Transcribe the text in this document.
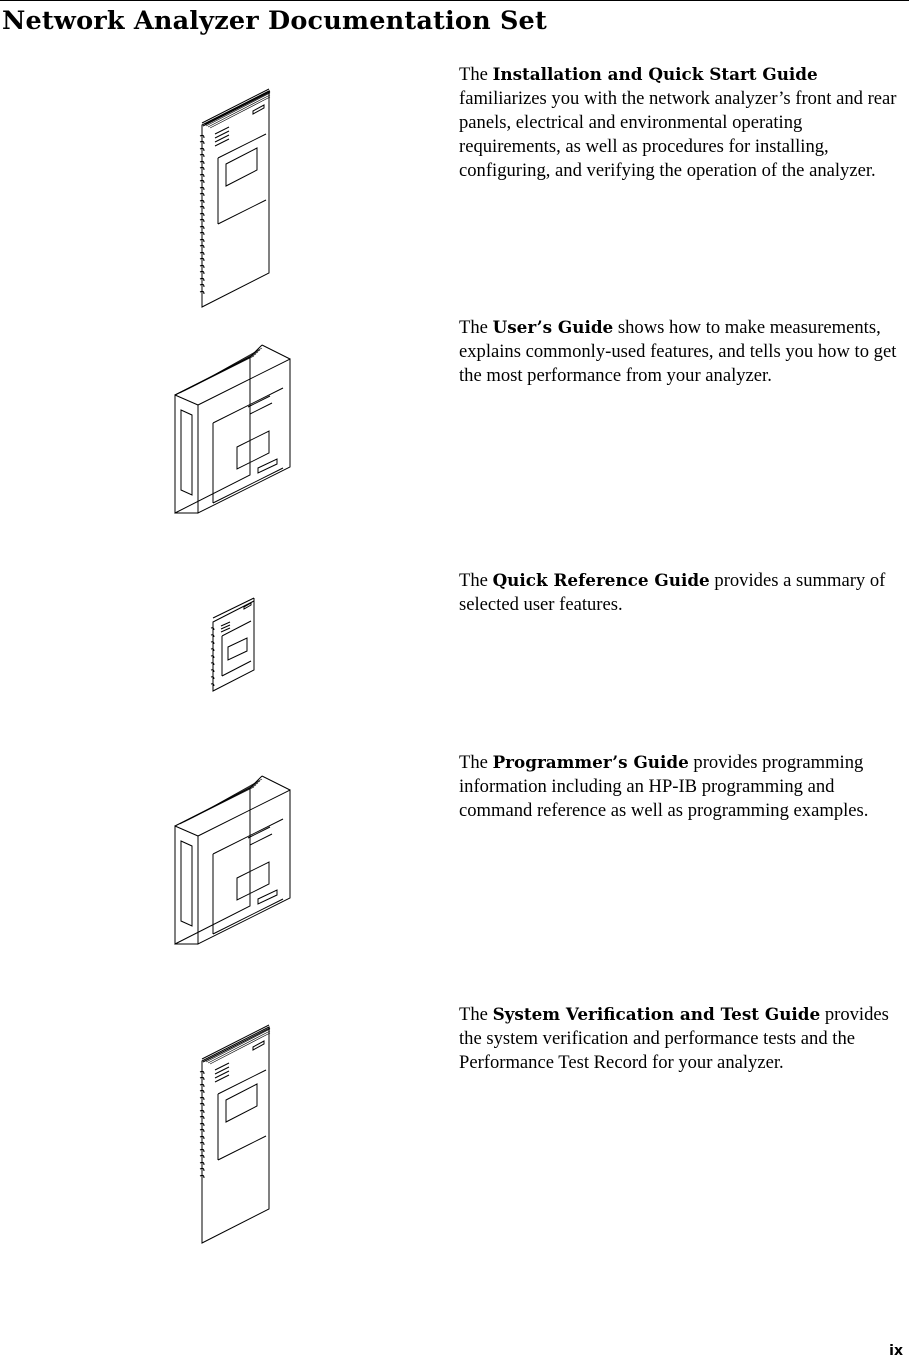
Network Analyzer Documentation Set

The Installation and Quick Start Guide familiarizes you with the network analyzer’s front and rear panels, electrical and environmental operating requirements, as well as procedures for installing, configuring, and verifying the operation of the analyzer.

The User’s Guide shows how to make measurements, explains commonly-used features, and tells you how to get the most performance from your analyzer.

The Quick Reference Guide provides a summary of selected user features.

The Programmer’s Guide provides programming information including an HP-IB programming and command reference as well as programming examples.

The System Verification and Test Guide provides the system verification and performance tests and the Performance Test Record for your analyzer.

ix
